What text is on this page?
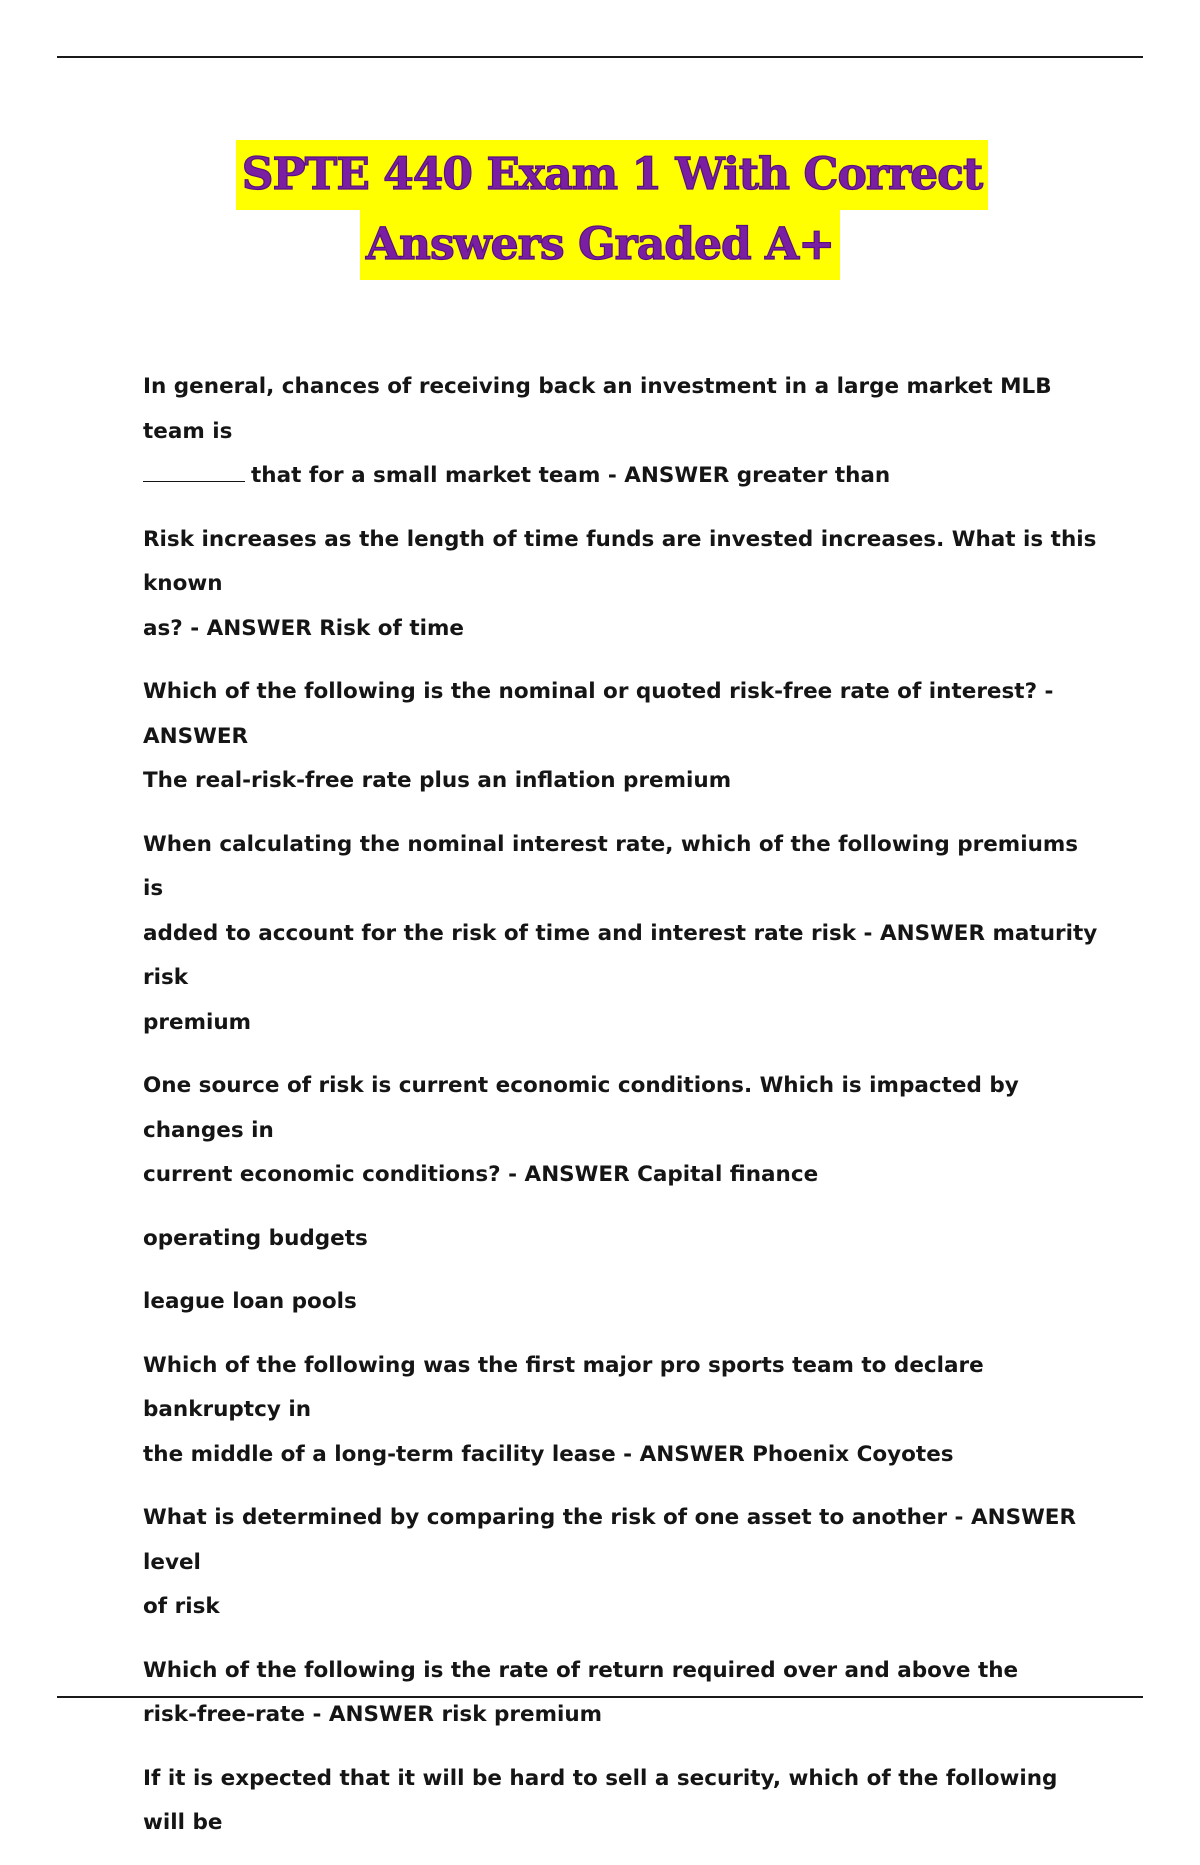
SPTE 440 Exam 1 With Correct
Answers Graded A+

In general, chances of receiving back an investment in a large market MLB team is
that for a small market team - ANSWER greater than

Risk increases as the length of time funds are invested increases. What is this known
as? - ANSWER Risk of time

Which of the following is the nominal or quoted risk-free rate of interest? - ANSWER
The real-risk-free rate plus an inflation premium

When calculating the nominal interest rate, which of the following premiums is
added to account for the risk of time and interest rate risk - ANSWER maturity risk
premium

One source of risk is current economic conditions. Which is impacted by changes in
current economic conditions? - ANSWER Capital finance

operating budgets

league loan pools

Which of the following was the first major pro sports team to declare bankruptcy in
the middle of a long-term facility lease - ANSWER Phoenix Coyotes

What is determined by comparing the risk of one asset to another - ANSWER level
of risk

Which of the following is the rate of return required over and above the
risk-free-rate - ANSWER risk premium

If it is expected that it will be hard to sell a security, which of the following will be
